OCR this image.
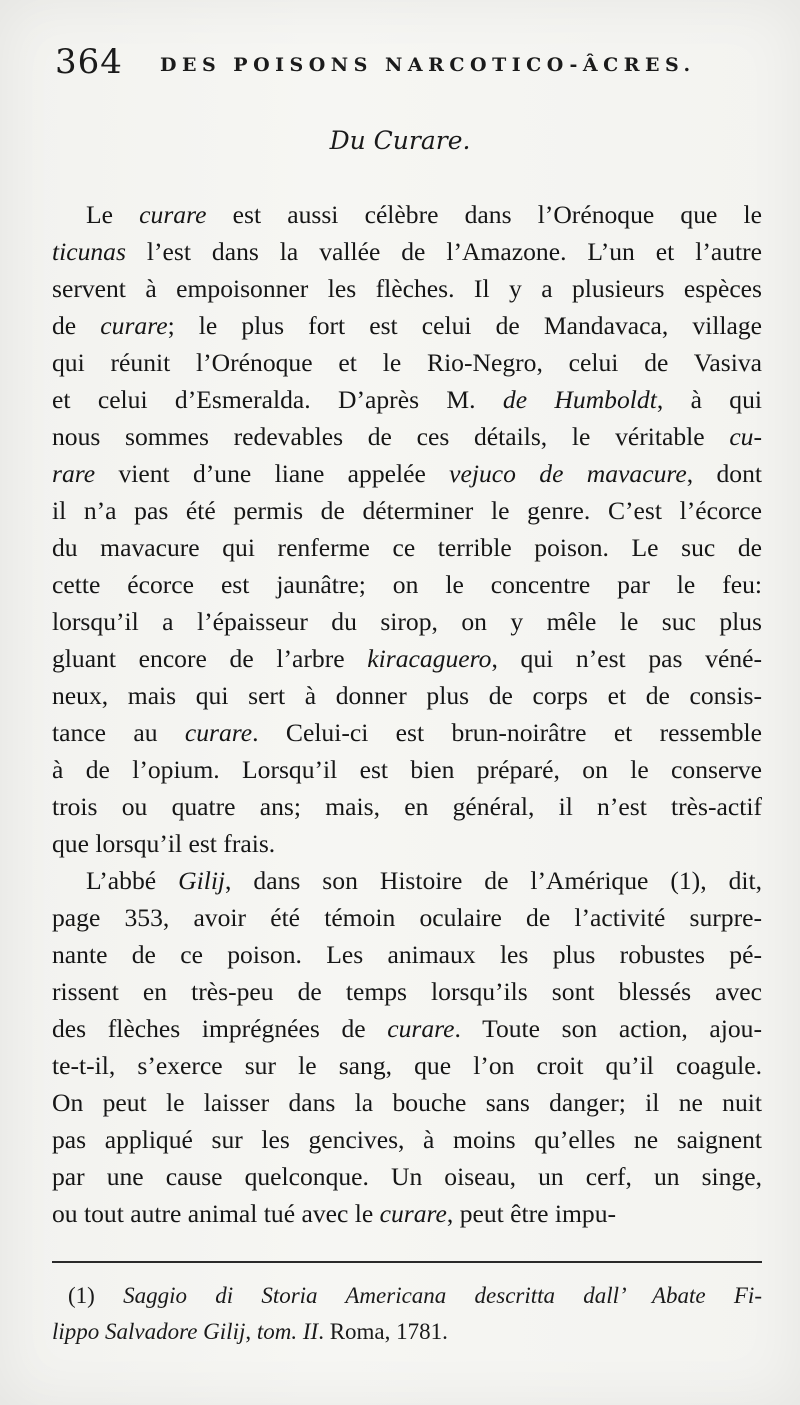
364 DES POISONS NARCOTICO-ÂCRES.
Du Curare.
Le curare est aussi célèbre dans l’Orénoque que le
ticunas l’est dans la vallée de l’Amazone. L’un et l’autre
servent à empoisonner les flèches. Il y a plusieurs espèces
de curare; le plus fort est celui de Mandavaca, village
qui réunit l’Orénoque et le Rio-Negro, celui de Vasiva
et celui d’Esmeralda. D’après M. de Humboldt, à qui
nous sommes redevables de ces détails, le véritable cu-
rare vient d’une liane appelée vejuco de mavacure, dont
il n’a pas été permis de déterminer le genre. C’est l’écorce
du mavacure qui renferme ce terrible poison. Le suc de
cette écorce est jaunâtre; on le concentre par le feu:
lorsqu’il a l’épaisseur du sirop, on y mêle le suc plus
gluant encore de l’arbre kiracaguero, qui n’est pas véné-
neux, mais qui sert à donner plus de corps et de consis-
tance au curare. Celui-ci est brun-noirâtre et ressemble
à de l’opium. Lorsqu’il est bien préparé, on le conserve
trois ou quatre ans; mais, en général, il n’est très-actif
que lorsqu’il est frais.
L’abbé Gilij, dans son Histoire de l’Amérique (1), dit,
page 353, avoir été témoin oculaire de l’activité surpre-
nante de ce poison. Les animaux les plus robustes pé-
rissent en très-peu de temps lorsqu’ils sont blessés avec
des flèches imprégnées de curare. Toute son action, ajou-
te-t-il, s’exerce sur le sang, que l’on croit qu’il coagule.
On peut le laisser dans la bouche sans danger; il ne nuit
pas appliqué sur les gencives, à moins qu’elles ne saignent
par une cause quelconque. Un oiseau, un cerf, un singe,
ou tout autre animal tué avec le curare, peut être impu-
(1) Saggio di Storia Americana descritta dall’ Abate Fi-
lippo Salvadore Gilij, tom. II. Roma, 1781.
